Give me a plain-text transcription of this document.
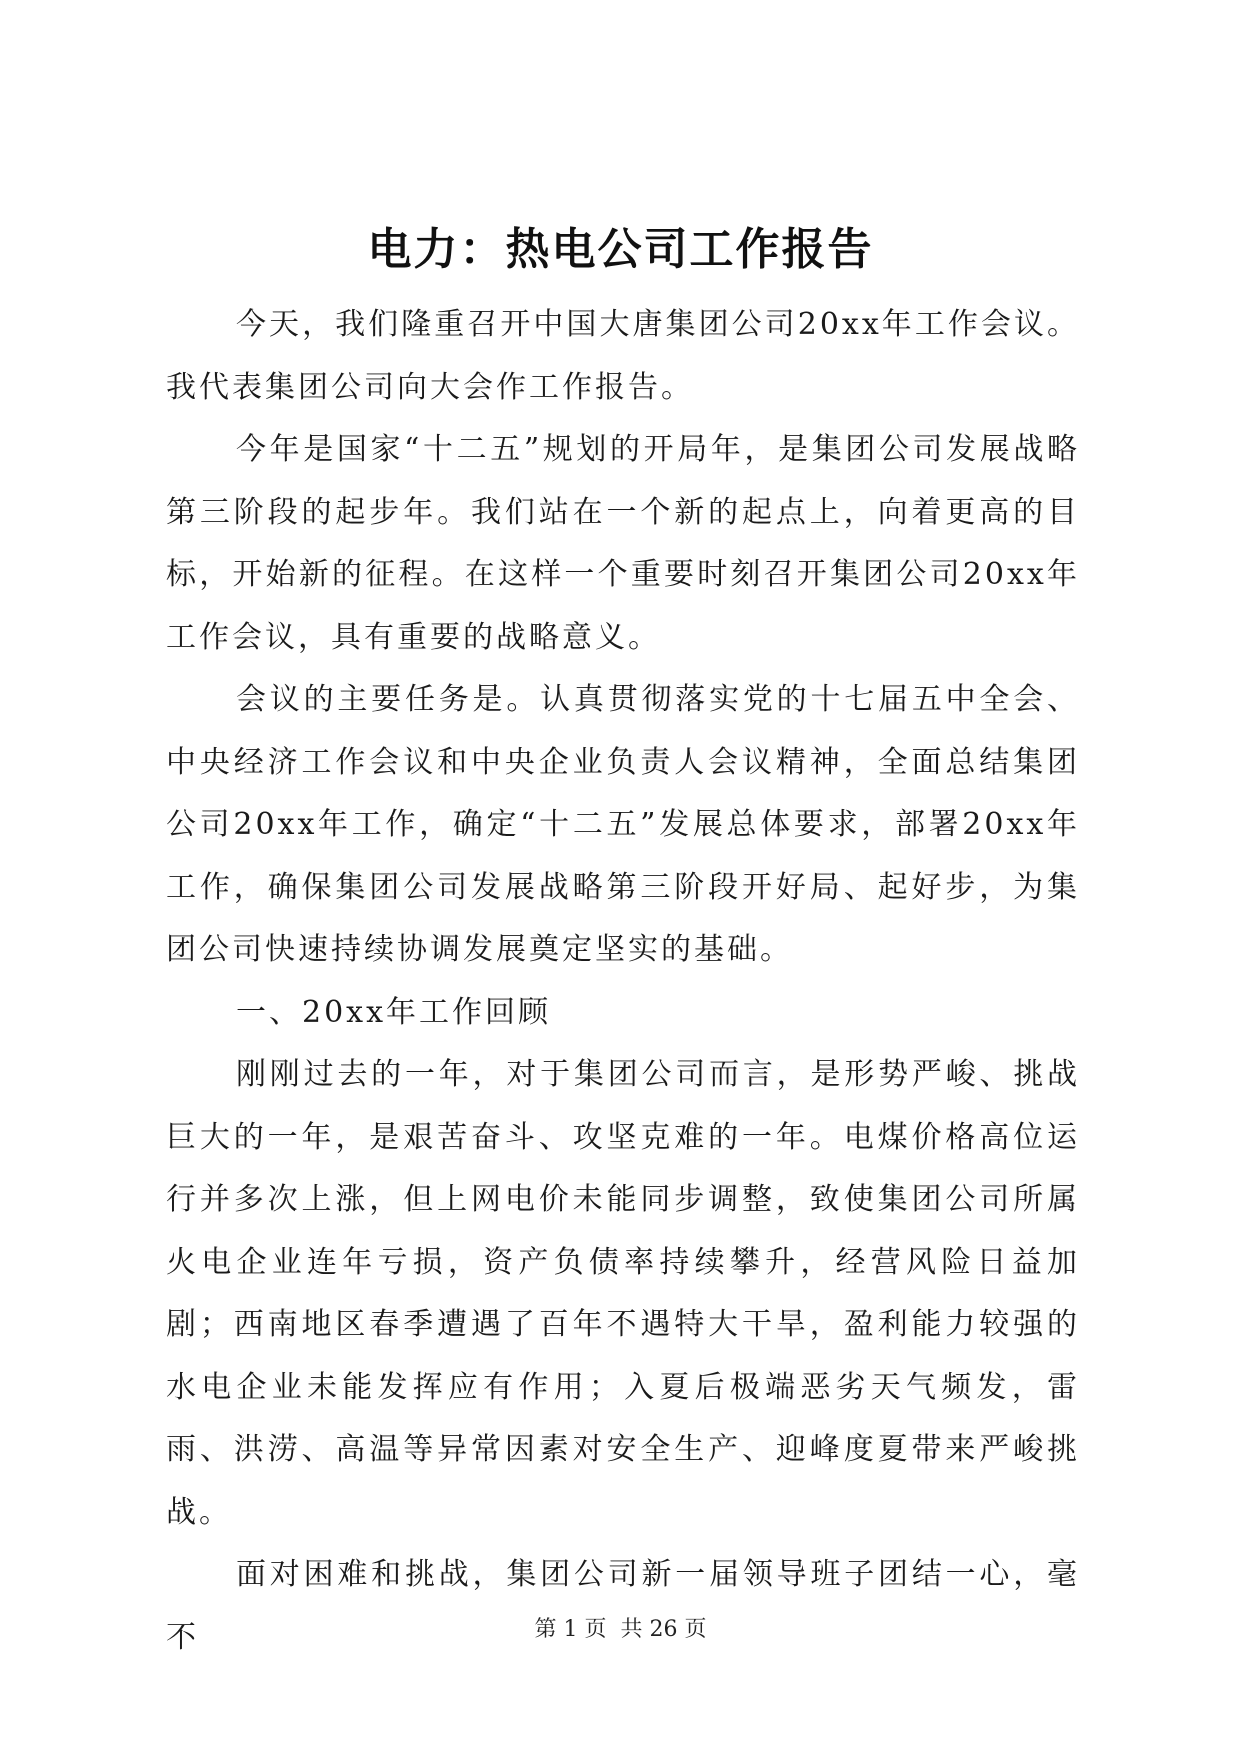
电力：热电公司工作报告

今天，我们隆重召开中国大唐集团公司20xx年工作会议。我代表集团公司向大会作工作报告。

今年是国家“十二五”规划的开局年，是集团公司发展战略第三阶段的起步年。我们站在一个新的起点上，向着更高的目标，开始新的征程。在这样一个重要时刻召开集团公司20xx年工作会议，具有重要的战略意义。

会议的主要任务是。认真贯彻落实党的十七届五中全会、中央经济工作会议和中央企业负责人会议精神，全面总结集团公司20xx年工作，确定“十二五”发展总体要求，部署20xx年工作，确保集团公司发展战略第三阶段开好局、起好步，为集团公司快速持续协调发展奠定坚实的基础。

一、20xx年工作回顾

刚刚过去的一年，对于集团公司而言，是形势严峻、挑战巨大的一年，是艰苦奋斗、攻坚克难的一年。电煤价格高位运行并多次上涨，但上网电价未能同步调整，致使集团公司所属火电企业连年亏损，资产负债率持续攀升，经营风险日益加剧；西南地区春季遭遇了百年不遇特大干旱，盈利能力较强的水电企业未能发挥应有作用；入夏后极端恶劣天气频发，雷雨、洪涝、高温等异常因素对安全生产、迎峰度夏带来严峻挑战。

面对困难和挑战，集团公司新一届领导班子团结一心，毫不	第 1 页 共 26 页
